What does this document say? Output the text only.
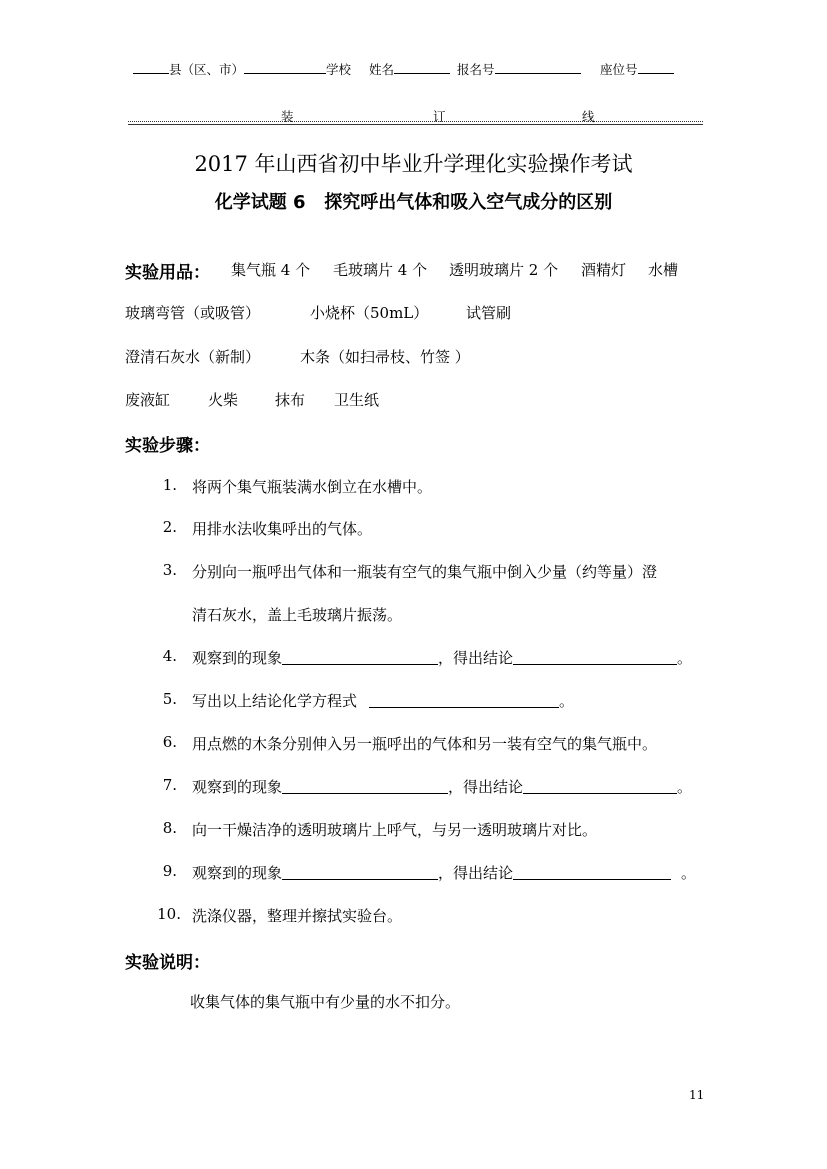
县（区、市）	学校 姓名	报名号	座位号
装	订	线
2017 年山西省初中毕业升学理化实验操作考试
化学试题 6   探究呼出气体和吸入空气成分的区别
实验用品： 集气瓶 4 个 毛玻璃片 4 个 透明玻璃片 2 个 酒精灯 水槽
玻璃弯管（或吸管）	小烧杯（50mL）	试管刷
澄清石灰水（新制）	木条（如扫帚枝、竹签 ）
废液缸	火柴 抹布 卫生纸
实验步骤：
1. 将两个集气瓶装满水倒立在水槽中。
2. 用排水法收集呼出的气体。
3. 分别向一瓶呼出气体和一瓶装有空气的集气瓶中倒入少量（约等量）澄
清石灰水，盖上毛玻璃片振荡。
4. 观察到的现象	，得出结论	。
5. 写出以上结论化学方程式	。
6. 用点燃的木条分别伸入另一瓶呼出的气体和另一装有空气的集气瓶中。
7. 观察到的现象	，得出结论	。
8. 向一干燥洁净的透明玻璃片上呼气，与另一透明玻璃片对比。
9. 观察到的现象	，得出结论	。
10. 洗涤仪器，整理并擦拭实验台。
实验说明：
收集气体的集气瓶中有少量的水不扣分。
11
